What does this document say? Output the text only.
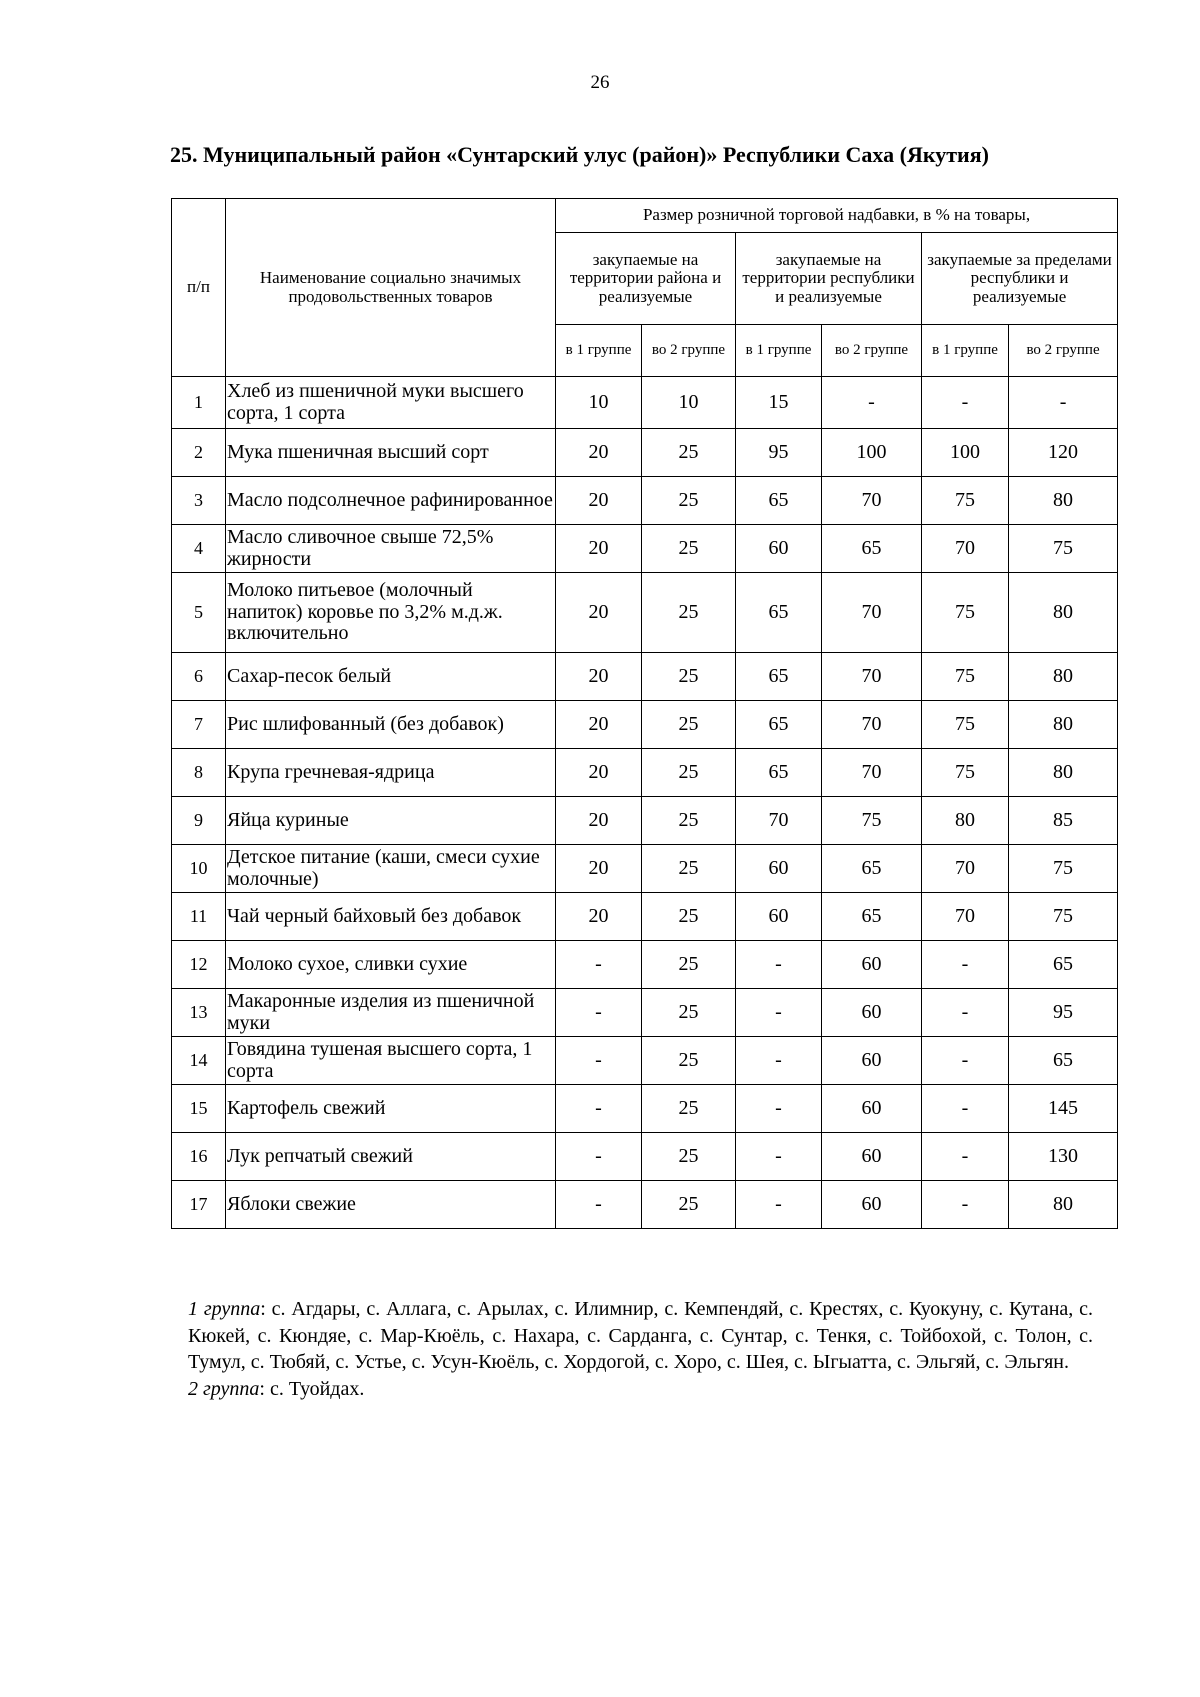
26
25. Муниципальный район «Сунтарский улус (район)» Республики Саха (Якутия)
п/п	Наименование социально значимых продовольственных товаров	Размер розничной торговой надбавки, в % на товары,					
		закупаемые на территории района и реализуемые		закупаемые на территории республики и реализуемые		закупаемые за пределами республики и реализуемые	
		в 1 группе	во 2 группе	в 1 группе	во 2 группе	в 1 группе	во 2 группе
1	Хлеб из пшеничной муки высшего сорта, 1 сорта	10	10	15	-	-	-
2	Мука пшеничная высший сорт	20	25	95	100	100	120
3	Масло подсолнечное рафинированное	20	25	65	70	75	80
4	Масло сливочное свыше 72,5% жирности	20	25	60	65	70	75
5	Молоко питьевое (молочный напиток) коровье по 3,2% м.д.ж. включительно	20	25	65	70	75	80
6	Сахар-песок белый	20	25	65	70	75	80
7	Рис шлифованный (без добавок)	20	25	65	70	75	80
8	Крупа гречневая-ядрица	20	25	65	70	75	80
9	Яйца куриные	20	25	70	75	80	85
10	Детское питание (каши, смеси сухие молочные)	20	25	60	65	70	75
11	Чай черный байховый без добавок	20	25	60	65	70	75
12	Молоко сухое, сливки сухие	-	25	-	60	-	65
13	Макаронные изделия из пшеничной муки	-	25	-	60	-	95
14	Говядина тушеная высшего сорта, 1 сорта	-	25	-	60	-	65
15	Картофель свежий	-	25	-	60	-	145
16	Лук репчатый свежий	-	25	-	60	-	130
17	Яблоки свежие	-	25	-	60	-	80

1 группа: с. Агдары, с. Аллага, с. Арылах, с. Илимнир, с. Кемпендяй, с. Крестях, с. Куокуну, с. Кутана, с. Кюкей, с. Кюндяе, с. Мар-Кюёль, с. Нахара, с. Сарданга, с. Сунтар, с. Тенкя, с. Тойбохой, с. Толон, с. Тумул, с. Тюбяй, с. Устье, с. Усун-Кюёль, с. Хордогой, с. Хоро, с. Шея, с. Ыгыатта, с. Эльгяй, с. Эльгян.

2 группа: с. Туойдах.
